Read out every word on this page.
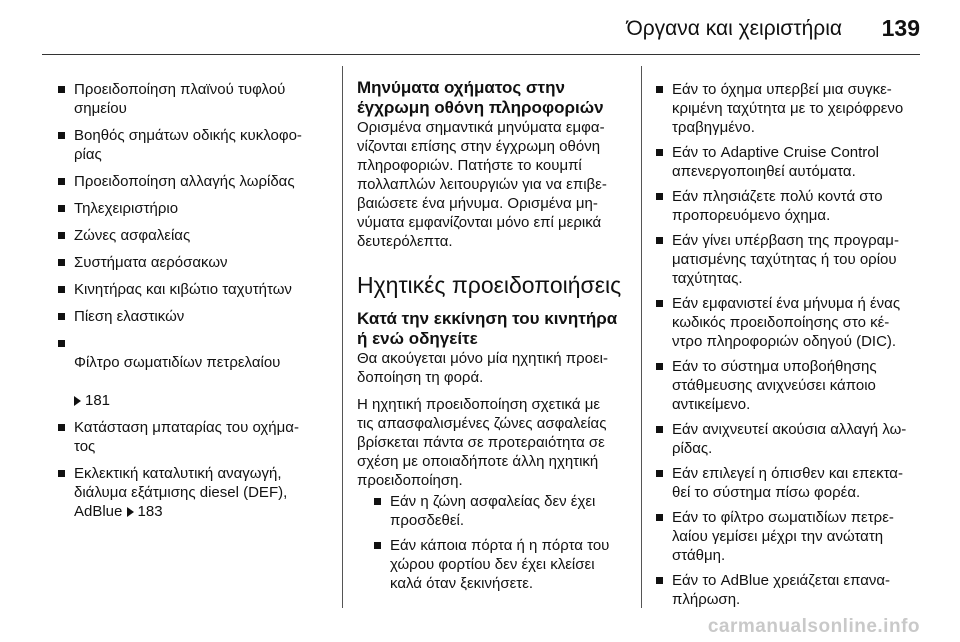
Όργανα και χειριστήρια 139
Προειδοποίηση πλαϊνού τυφλού
σημείου
Βοηθός σημάτων οδικής κυκλοφο-
ρίας
Προειδοποίηση αλλαγής λωρίδας
Τηλεχειριστήριο
Ζώνες ασφαλείας
Συστήματα αερόσακων
Κινητήρας και κιβώτιο ταχυτήτων
Πίεση ελαστικών

Φίλτρο σωματιδίων πετρελαίου

181

Κατάσταση μπαταρίας του οχήμα-
τος
Εκλεκτική καταλυτική αναγωγή,
διάλυμα εξάτμισης diesel (DEF),
AdBlue 183

Μηνύματα οχήματος στην
έγχρωμη οθόνη πληροφοριών

Ορισμένα σημαντικά μηνύματα εμφα-
νίζονται επίσης στην έγχρωμη οθόνη
πληροφοριών. Πατήστε το κουμπί
πολλαπλών λειτουργιών για να επιβε-
βαιώσετε ένα μήνυμα. Ορισμένα μη-
νύματα εμφανίζονται μόνο επί μερικά
δευτερόλεπτα.

Ηχητικές προειδοποιήσεις

Κατά την εκκίνηση του κινητήρα
ή ενώ οδηγείτε

Θα ακούγεται μόνο μία ηχητική προει-
δοποίηση τη φορά.

Η ηχητική προειδοποίηση σχετικά με
τις απασφαλισμένες ζώνες ασφαλείας
βρίσκεται πάντα σε προτεραιότητα σε
σχέση με οποιαδήποτε άλλη ηχητική
προειδοποίηση.

Εάν η ζώνη ασφαλείας δεν έχει
προσδεθεί.
Εάν κάποια πόρτα ή η πόρτα του
χώρου φορτίου δεν έχει κλείσει
καλά όταν ξεκινήσετε.
Εάν το όχημα υπερβεί μια συγκε-
κριμένη ταχύτητα με το χειρόφρενο
τραβηγμένο.
Εάν το Adaptive Cruise Control
απενεργοποιηθεί αυτόματα.
Εάν πλησιάζετε πολύ κοντά στο
προπορευόμενο όχημα.
Εάν γίνει υπέρβαση της προγραμ-
ματισμένης ταχύτητας ή του ορίου
ταχύτητας.
Εάν εμφανιστεί ένα μήνυμα ή ένας
κωδικός προειδοποίησης στο κέ-
ντρο πληροφοριών οδηγού (DIC).
Εάν το σύστημα υποβοήθησης
στάθμευσης ανιχνεύσει κάποιο
αντικείμενο.
Εάν ανιχνευτεί ακούσια αλλαγή λω-
ρίδας.
Εάν επιλεγεί η όπισθεν και επεκτα-
θεί το σύστημα πίσω φορέα.
Εάν το φίλτρο σωματιδίων πετρε-
λαίου γεμίσει μέχρι την ανώτατη
στάθμη.
Εάν το AdBlue χρειάζεται επανα-
πλήρωση.
carmanualsonline.info
